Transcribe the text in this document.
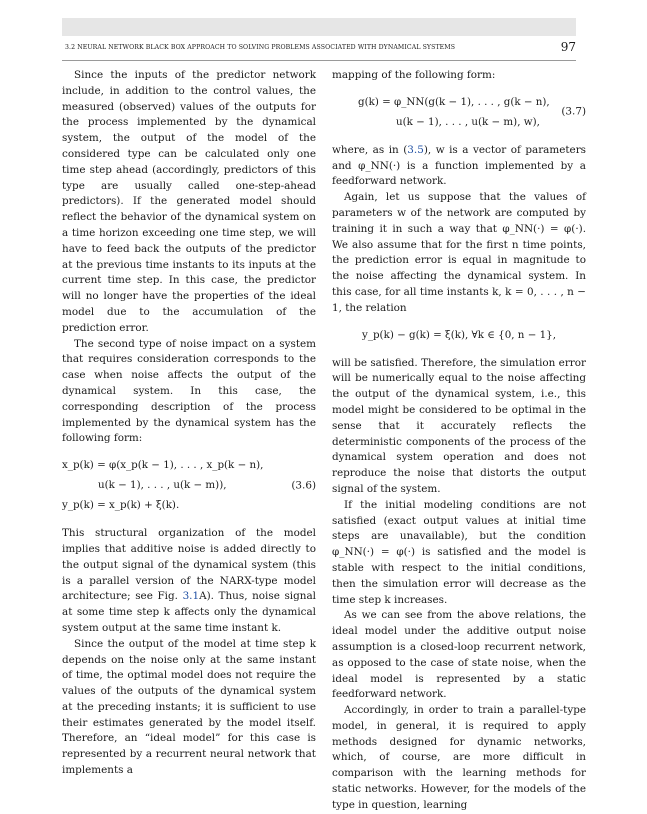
3.2 NEURAL NETWORK BLACK BOX APPROACH TO SOLVING PROBLEMS ASSOCIATED WITH DYNAMICAL SYSTEMS	97

Since the inputs of the predictor network include, in addition to the control values, the measured (observed) values of the outputs for the process implemented by the dynamical system, the output of the model of the considered type can be calculated only one time step ahead (accordingly, predictors of this type are usually called one-step-ahead predictors). If the generated model should reflect the behavior of the dynamical system on a time horizon exceeding one time step, we will have to feed back the outputs of the predictor at the previous time instants to its inputs at the current time step. In this case, the predictor will no longer have the properties of the ideal model due to the accumulation of the prediction error.

The second type of noise impact on a system that requires consideration corresponds to the case when noise affects the output of the dynamical system. In this case, the corresponding description of the process implemented by the dynamical system has the following form:

x_p(k) = φ(x_p(k − 1), . . . , x_p(k − n),
u(k − 1), . . . , u(k − m)),
y_p(k) = x_p(k) + ξ(k).
(3.6)

This structural organization of the model implies that additive noise is added directly to the output signal of the dynamical system (this is a parallel version of the NARX-type model architecture; see Fig. 3.1A). Thus, noise signal at some time step k affects only the dynamical system output at the same time instant k.

Since the output of the model at time step k depends on the noise only at the same instant of time, the optimal model does not require the values of the outputs of the dynamical system at the preceding instants; it is sufficient to use their estimates generated by the model itself. Therefore, an “ideal model” for this case is represented by a recurrent neural network that implements a

mapping of the following form:

g(k) = φ_NN(g(k − 1), . . . , g(k − n),
u(k − 1), . . . , u(k − m), w),
(3.7)

where, as in (3.5), w is a vector of parameters and φ_NN(·) is a function implemented by a feedforward network.

Again, let us suppose that the values of parameters w of the network are computed by training it in such a way that φ_NN(·) = φ(·). We also assume that for the first n time points, the prediction error is equal in magnitude to the noise affecting the dynamical system. In this case, for all time instants k, k = 0, . . . , n − 1, the relation

y_p(k) − g(k) = ξ(k), ∀k ∈ {0, n − 1},

will be satisfied. Therefore, the simulation error will be numerically equal to the noise affecting the output of the dynamical system, i.e., this model might be considered to be optimal in the sense that it accurately reflects the deterministic components of the process of the dynamical system operation and does not reproduce the noise that distorts the output signal of the system.

If the initial modeling conditions are not satisfied (exact output values at initial time steps are unavailable), but the condition φ_NN(·) = φ(·) is satisfied and the model is stable with respect to the initial conditions, then the simulation error will decrease as the time step k increases.

As we can see from the above relations, the ideal model under the additive output noise assumption is a closed-loop recurrent network, as opposed to the case of state noise, when the ideal model is represented by a static feedforward network.

Accordingly, in order to train a parallel-type model, in general, it is required to apply methods designed for dynamic networks, which, of course, are more difficult in comparison with the learning methods for static networks. However, for the models of the type in question, learning
